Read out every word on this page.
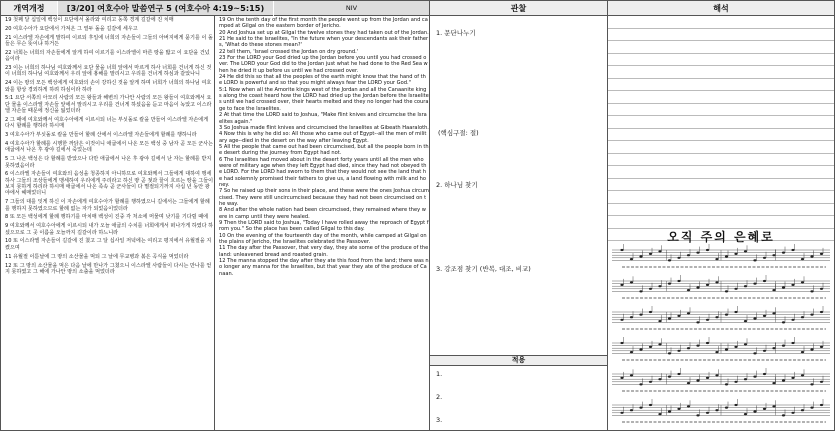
개역개정	[3/20] 여호수아 말씀연구 5 (여호수아 4:19~5:15)	NIV	관찰	해석

19 첫째 달 십일에 백성이 요단에서 올라와 여리고 동쪽 경계 길갈에 진 치매

20 여호수아가 요단에서 가져온 그 열두 돌을 길갈에 세우고

21 이스라엘 자손에게 말하여 이르되 후일에 너희의 자손들이 그들의 아버지에게 묻기를 이 돌들은 무슨 뜻이냐 하거든

22 너희는 너희의 자손들에게 알게 하여 이르기를 이스라엘이 마른 땅을 밟고 이 요단을 건넜음이라

23 이는 너희의 하나님 여호와께서 요단 물을 너희 앞에서 마르게 하사 너희를 건너게 하신 것이 너희의 하나님 여호와께서 우리 앞에 홍해를 말리시고 우리를 건너게 하심과 같았나니

24 이는 땅의 모든 백성에게 여호와의 손이 강하신 것을 알게 하며 너희가 너희의 하나님 여호와를 항상 경외하게 하려 하심이라 하라

5:1 요단 서쪽의 아모리 사람의 모든 왕들과 해변의 가나안 사람의 모든 왕들이 여호와께서 요단 물을 이스라엘 자손들 앞에서 말리시고 우리를 건너게 하셨음을 듣고 마음이 녹았고 이스라엘 자손들 때문에 정신을 잃었더라

2 그 때에 여호와께서 여호수아에게 이르시되 너는 부싯돌로 칼을 만들어 이스라엘 자손에게 다시 할례를 행하라 하시매

3 여호수아가 부싯돌로 칼을 만들어 할례 산에서 이스라엘 자손들에게 할례를 행하니라

4 여호수아가 할례를 시행한 까닭은 이것이니 애굽에서 나온 모든 백성 중 남자 곧 모든 군사는 애굽에서 나온 후 광야 길에서 죽었는데

5 그 나온 백성은 다 할례를 받았으나 다만 애굽에서 나온 후 광야 길에서 난 자는 할례를 받지 못하였음이라

6 이스라엘 자손들이 여호와의 음성을 청종하지 아니하므로 여호와께서 그들에게 대하여 맹세하사 그들의 조상들에게 맹세하여 우리에게 주리라고 하신 땅 곧 젖과 꿀이 흐르는 땅을 그들이 보지 못하게 하리라 하시매 애굽에서 나온 족속 곧 군사들이 다 멸절되기까지 사십 년 동안 광야에서 헤매었더니

7 그들의 대를 잇게 하신 이 자손에게 여호수아가 할례를 행하였으니 길에서는 그들에게 할례를 행하지 못하였으므로 할례 없는 자가 되었음이었더라

8 또 모든 백성에게 할례 행하기를 마치매 백성이 진중 각 처소에 머물며 낫기를 기다릴 때에

9 여호와께서 여호수아에게 이르시되 내가 오늘 애굽의 수치를 너희에게서 떠나가게 하였다 하셨으므로 그 곳 이름을 오늘까지 길갈이라 하느니라

10 또 이스라엘 자손들이 길갈에 진 쳤고 그 달 십사일 저녁에는 여리고 평지에서 유월절을 지켰으며

11 유월절 이튿날에 그 땅의 소산물을 먹되 그 날에 무교병과 볶은 곡식을 먹었더라

12 또 그 땅의 소산물을 먹은 다음 날에 만나가 그쳤으니 이스라엘 사람들이 다시는 만나를 얻지 못하였고 그 해에 가나안 땅의 소출을 먹었더라

19 On the tenth day of the first month the people went up from the Jordan and camped at Gilgal on the eastern border of Jericho.

20 And Joshua set up at Gilgal the twelve stones they had taken out of the Jordan.

21 He said to the Israelites, "In the future when your descendants ask their fathers, 'What do these stones mean?'

22 tell them, 'Israel crossed the Jordan on dry ground.'

23 For the LORD your God dried up the Jordan before you until you had crossed over. The LORD your God did to the Jordan just what he had done to the Red Sea when he dried it up before us until we had crossed over.

24 He did this so that all the peoples of the earth might know that the hand of the LORD is powerful and so that you might always fear the LORD your God."

5:1 Now when all the Amorite kings west of the Jordan and all the Canaanite kings along the coast heard how the LORD had dried up the Jordan before the Israelites until we had crossed over, their hearts melted and they no longer had the courage to face the Israelites.

2 At that time the LORD said to Joshua, "Make flint knives and circumcise the Israelites again."

3 So Joshua made flint knives and circumcised the Israelites at Gibeath Haaraloth.

4 Now this is why he did so: All those who came out of Egypt--all the men of military age--died in the desert on the way after leaving Egypt.

5 All the people that came out had been circumcised, but all the people born in the desert during the journey from Egypt had not.

6 The Israelites had moved about in the desert forty years until all the men who were of military age when they left Egypt had died, since they had not obeyed the LORD. For the LORD had sworn to them that they would not see the land that he had solemnly promised their fathers to give us, a land flowing with milk and honey.

7 So he raised up their sons in their place, and these were the ones Joshua circumcised. They were still uncircumcised because they had not been circumcised on the way.

8 And after the whole nation had been circumcised, they remained where they were in camp until they were healed.

9 Then the LORD said to Joshua, "Today I have rolled away the reproach of Egypt from you." So the place has been called Gilgal to this day.

10 On the evening of the fourteenth day of the month, while camped at Gilgal on the plains of Jericho, the Israelites celebrated the Passover.

11 The day after the Passover, that very day, they ate some of the produce of the land: unleavened bread and roasted grain.

12 The manna stopped the day after they ate this food from the land; there was no longer any manna for the Israelites, but that year they ate of the produce of Canaan.

1. 문단나누기
(핵심구절: 절)
2. 하나님 찾기
3. 강조점 찾기 (반복, 대조, 비교)
적용
1.
2.
3.
오직 주의 은혜로
